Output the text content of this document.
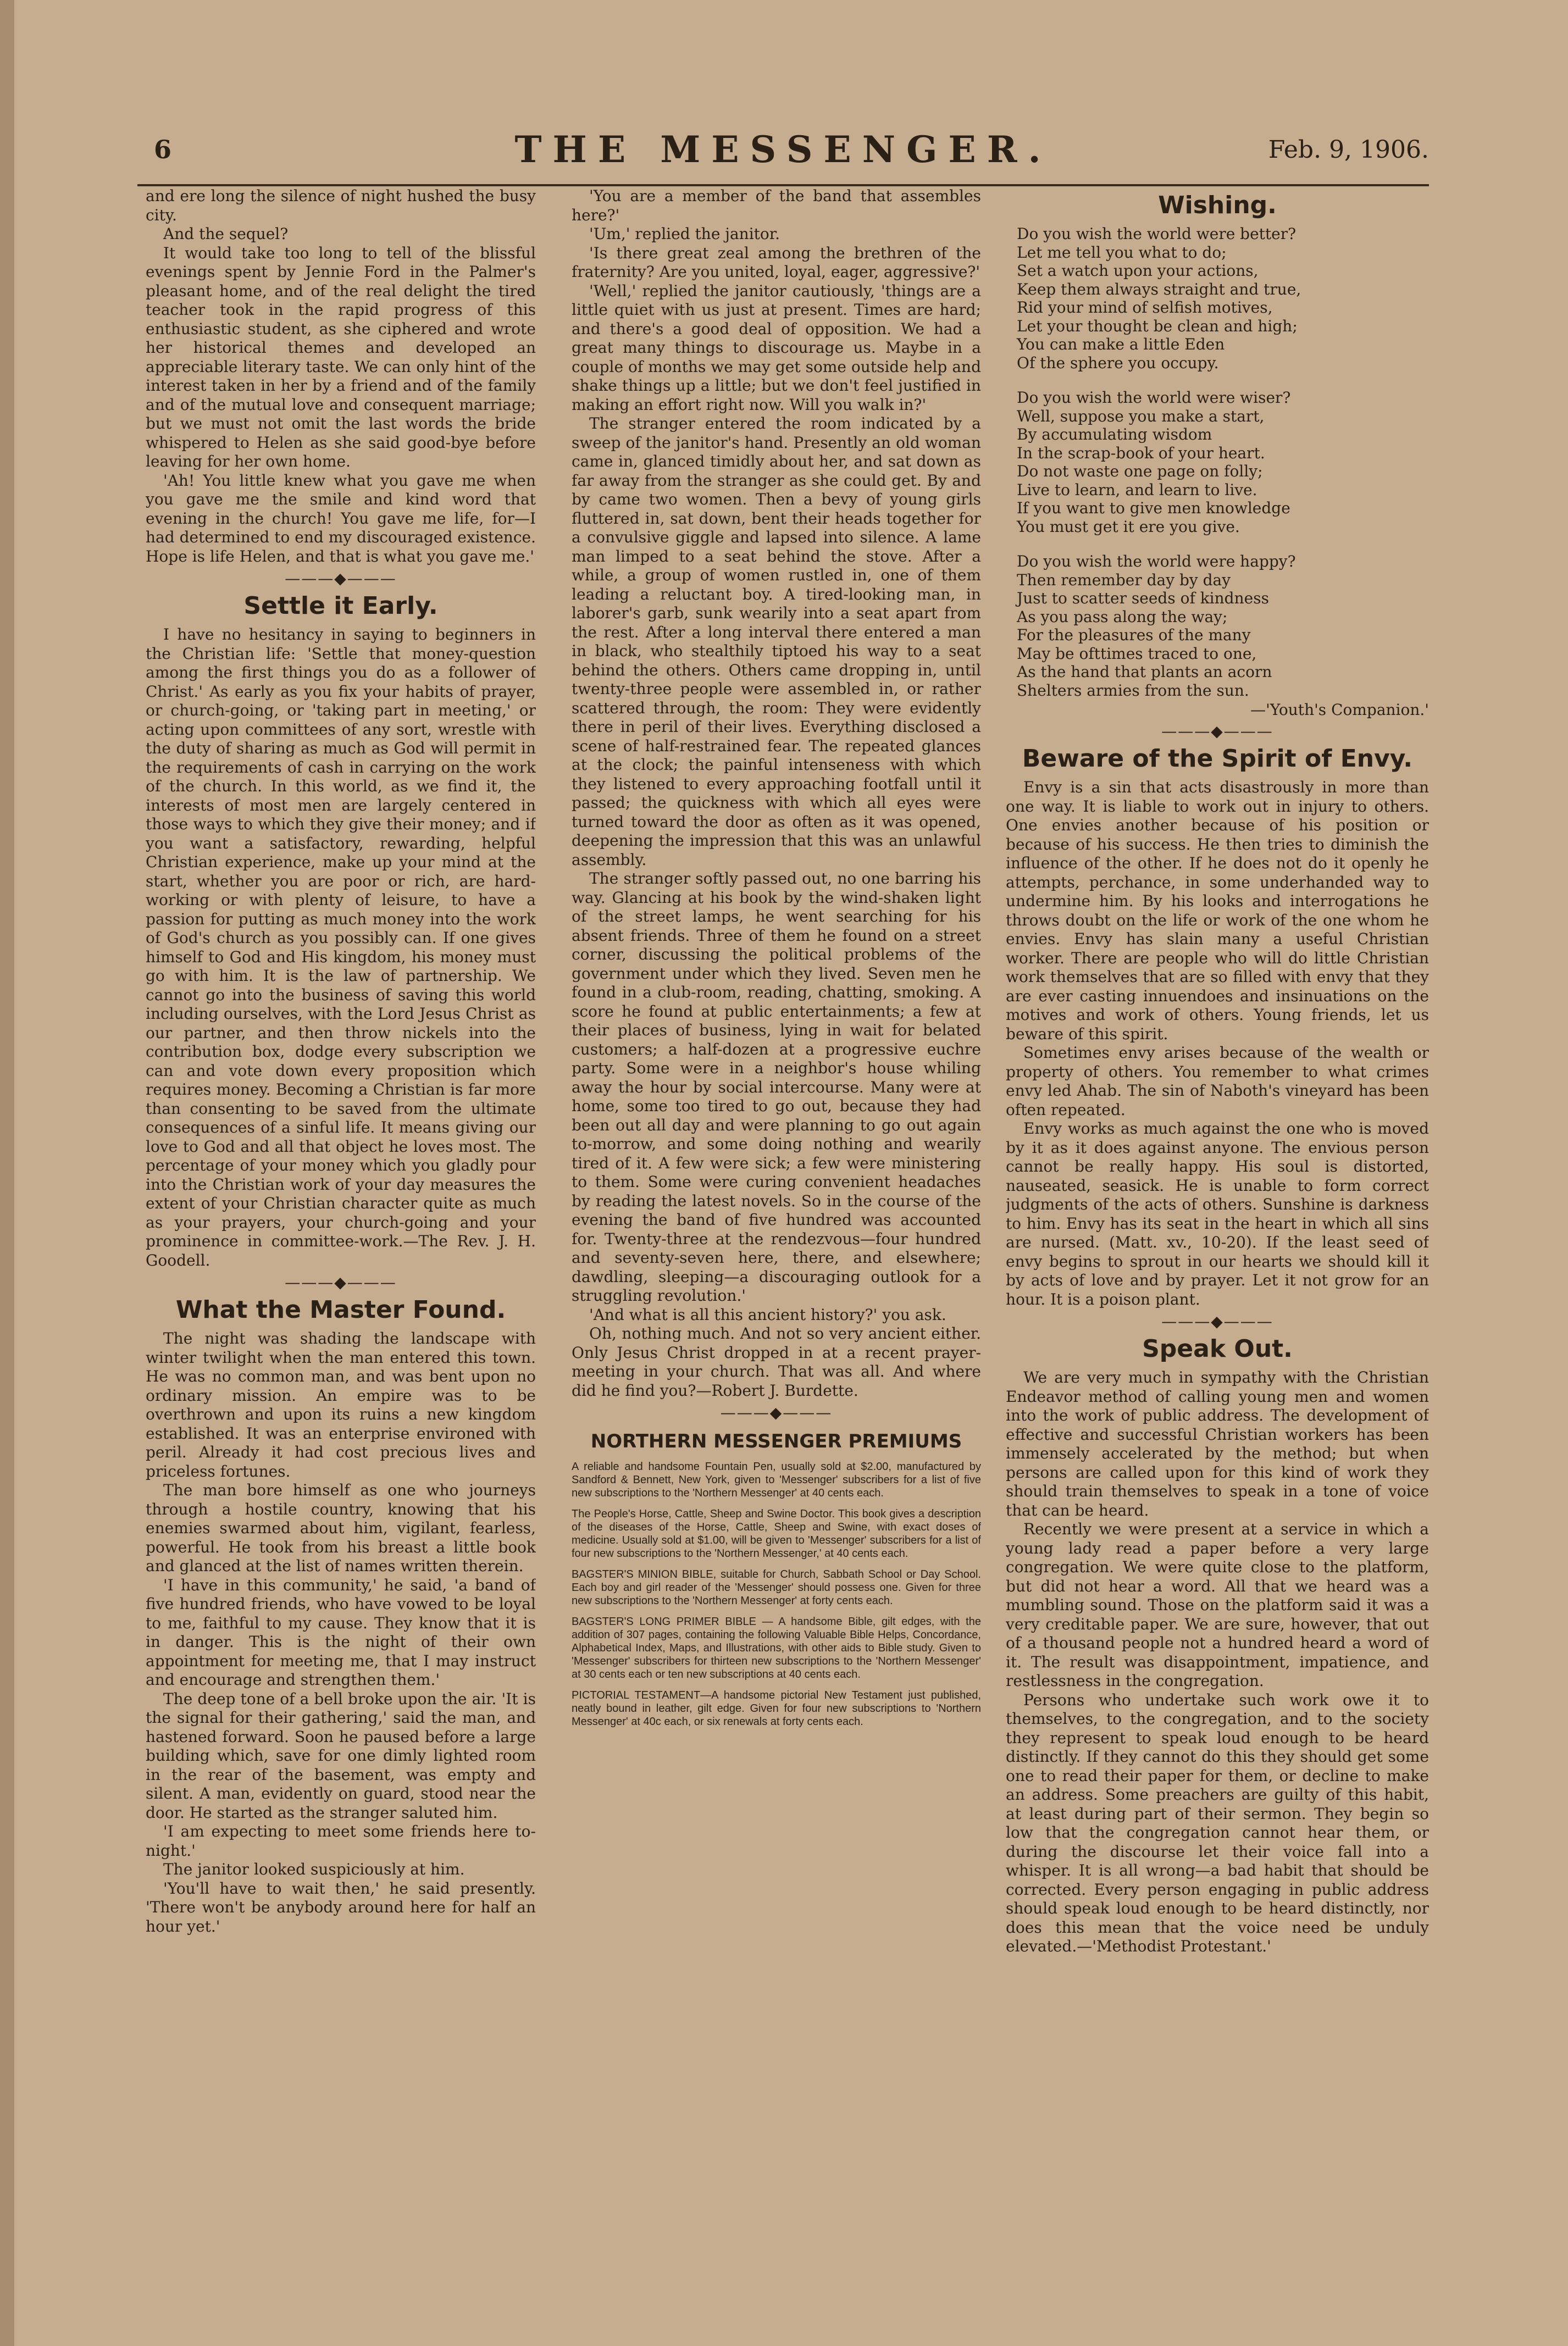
6	THE MESSENGER.	Feb. 9, 1906.

and ere long the silence of night hushed the busy city.

And the sequel?

It would take too long to tell of the blissful evenings spent by Jennie Ford in the Palmer's pleasant home, and of the real delight the tired teacher took in the rapid progress of this enthusiastic student, as she ciphered and wrote her historical themes and developed an appreciable literary taste. We can only hint of the interest taken in her by a friend and of the family and of the mutual love and consequent marriage; but we must not omit the last words the bride whispered to Helen as she said good-bye before leaving for her own home.

'Ah! You little knew what you gave me when you gave me the smile and kind word that evening in the church! You gave me life, for—I had determined to end my discouraged existence. Hope is life Helen, and that is what you gave me.'

———◆———
Settle it Early.

I have no hesitancy in saying to beginners in the Christian life: 'Settle that money-question among the first things you do as a follower of Christ.' As early as you fix your habits of prayer, or church-going, or 'taking part in meeting,' or acting upon committees of any sort, wrestle with the duty of sharing as much as God will permit in the requirements of cash in carrying on the work of the church. In this world, as we find it, the interests of most men are largely centered in those ways to which they give their money; and if you want a satisfactory, rewarding, helpful Christian experience, make up your mind at the start, whether you are poor or rich, are hard-working or with plenty of leisure, to have a passion for putting as much money into the work of God's church as you possibly can. If one gives himself to God and His kingdom, his money must go with him. It is the law of partnership. We cannot go into the business of saving this world including ourselves, with the Lord Jesus Christ as our partner, and then throw nickels into the contribution box, dodge every subscription we can and vote down every proposition which requires money. Becoming a Christian is far more than consenting to be saved from the ultimate consequences of a sinful life. It means giving our love to God and all that object he loves most. The percentage of your money which you gladly pour into the Christian work of your day measures the extent of your Christian character quite as much as your prayers, your church-going and your prominence in committee-work.—The Rev. J. H. Goodell.

———◆———
What the Master Found.

The night was shading the landscape with winter twilight when the man entered this town. He was no common man, and was bent upon no ordinary mission. An empire was to be overthrown and upon its ruins a new kingdom established. It was an enterprise environed with peril. Already it had cost precious lives and priceless fortunes.

The man bore himself as one who journeys through a hostile country, knowing that his enemies swarmed about him, vigilant, fearless, powerful. He took from his breast a little book and glanced at the list of names written therein.

'I have in this community,' he said, 'a band of five hundred friends, who have vowed to be loyal to me, faithful to my cause. They know that it is in danger. This is the night of their own appointment for meeting me, that I may instruct and encourage and strengthen them.'

The deep tone of a bell broke upon the air. 'It is the signal for their gathering,' said the man, and hastened forward. Soon he paused before a large building which, save for one dimly lighted room in the rear of the basement, was empty and silent. A man, evidently on guard, stood near the door. He started as the stranger saluted him.

'I am expecting to meet some friends here to-night.'

The janitor looked suspiciously at him.

'You'll have to wait then,' he said presently. 'There won't be anybody around here for half an hour yet.'

'You are a member of the band that assembles here?'

'Um,' replied the janitor.

'Is there great zeal among the brethren of the fraternity? Are you united, loyal, eager, aggressive?'

'Well,' replied the janitor cautiously, 'things are a little quiet with us just at present. Times are hard; and there's a good deal of opposition. We had a great many things to discourage us. Maybe in a couple of months we may get some outside help and shake things up a little; but we don't feel justified in making an effort right now. Will you walk in?'

The stranger entered the room indicated by a sweep of the janitor's hand. Presently an old woman came in, glanced timidly about her, and sat down as far away from the stranger as she could get. By and by came two women. Then a bevy of young girls fluttered in, sat down, bent their heads together for a convulsive giggle and lapsed into silence. A lame man limped to a seat behind the stove. After a while, a group of women rustled in, one of them leading a reluctant boy. A tired-looking man, in laborer's garb, sunk wearily into a seat apart from the rest. After a long interval there entered a man in black, who stealthily tiptoed his way to a seat behind the others. Others came dropping in, until twenty-three people were assembled in, or rather scattered through, the room: They were evidently there in peril of their lives. Everything disclosed a scene of half-restrained fear. The repeated glances at the clock; the painful intenseness with which they listened to every approaching footfall until it passed; the quickness with which all eyes were turned toward the door as often as it was opened, deepening the impression that this was an unlawful assembly.

The stranger softly passed out, no one barring his way. Glancing at his book by the wind-shaken light of the street lamps, he went searching for his absent friends. Three of them he found on a street corner, discussing the political problems of the government under which they lived. Seven men he found in a club-room, reading, chatting, smoking. A score he found at public entertainments; a few at their places of business, lying in wait for belated customers; a half-dozen at a progressive euchre party. Some were in a neighbor's house whiling away the hour by social intercourse. Many were at home, some too tired to go out, because they had been out all day and were planning to go out again to-morrow, and some doing nothing and wearily tired of it. A few were sick; a few were ministering to them. Some were curing convenient headaches by reading the latest novels. So in the course of the evening the band of five hundred was accounted for. Twenty-three at the rendezvous—four hundred and seventy-seven here, there, and elsewhere; dawdling, sleeping—a discouraging outlook for a struggling revolution.'

'And what is all this ancient history?' you ask.

Oh, nothing much. And not so very ancient either. Only Jesus Christ dropped in at a recent prayer-meeting in your church. That was all. And where did he find you?—Robert J. Burdette.

———◆———
NORTHERN MESSENGER PREMIUMS

A reliable and handsome Fountain Pen, usually sold at $2.00, manufactured by Sandford & Bennett, New York, given to 'Messenger' subscribers for a list of five new subscriptions to the 'Northern Messenger' at 40 cents each.

The People's Horse, Cattle, Sheep and Swine Doctor. This book gives a description of the diseases of the Horse, Cattle, Sheep and Swine, with exact doses of medicine. Usually sold at $1.00, will be given to 'Messenger' subscribers for a list of four new subscriptions to the 'Northern Messenger,' at 40 cents each.

BAGSTER'S MINION BIBLE, suitable for Church, Sabbath School or Day School. Each boy and girl reader of the 'Messenger' should possess one. Given for three new subscriptions to the 'Northern Messenger' at forty cents each.

BAGSTER'S LONG PRIMER BIBLE — A handsome Bible, gilt edges, with the addition of 307 pages, containing the following Valuable Bible Helps, Concordance, Alphabetical Index, Maps, and Illustrations, with other aids to Bible study. Given to 'Messenger' subscribers for thirteen new subscriptions to the 'Northern Messenger' at 30 cents each or ten new subscriptions at 40 cents each.

PICTORIAL TESTAMENT—A handsome pictorial New Testament just published, neatly bound in leather, gilt edge. Given for four new subscriptions to 'Northern Messenger' at 40c each, or six renewals at forty cents each.

Wishing.
Do you wish the world were better?
Let me tell you what to do;
Set a watch upon your actions,
Keep them always straight and true,
Rid your mind of selfish motives,
Let your thought be clean and high;
You can make a little Eden
Of the sphere you occupy.
Do you wish the world were wiser?
Well, suppose you make a start,
By accumulating wisdom
In the scrap-book of your heart.
Do not waste one page on folly;
Live to learn, and learn to live.
If you want to give men knowledge
You must get it ere you give.
Do you wish the world were happy?
Then remember day by day
Just to scatter seeds of kindness
As you pass along the way;
For the pleasures of the many
May be ofttimes traced to one,
As the hand that plants an acorn
Shelters armies from the sun.
—'Youth's Companion.'
———◆———
Beware of the Spirit of Envy.

Envy is a sin that acts disastrously in more than one way. It is liable to work out in injury to others. One envies another because of his position or because of his success. He then tries to diminish the influence of the other. If he does not do it openly he attempts, perchance, in some underhanded way to undermine him. By his looks and interrogations he throws doubt on the life or work of the one whom he envies. Envy has slain many a useful Christian worker. There are people who will do little Christian work themselves that are so filled with envy that they are ever casting innuendoes and insinuations on the motives and work of others. Young friends, let us beware of this spirit.

Sometimes envy arises because of the wealth or property of others. You remember to what crimes envy led Ahab. The sin of Naboth's vineyard has been often repeated.

Envy works as much against the one who is moved by it as it does against anyone. The envious person cannot be really happy. His soul is distorted, nauseated, seasick. He is unable to form correct judgments of the acts of others. Sunshine is darkness to him. Envy has its seat in the heart in which all sins are nursed. (Matt. xv., 10-20). If the least seed of envy begins to sprout in our hearts we should kill it by acts of love and by prayer. Let it not grow for an hour. It is a poison plant.

———◆———
Speak Out.

We are very much in sympathy with the Christian Endeavor method of calling young men and women into the work of public address. The development of effective and successful Christian workers has been immensely accelerated by the method; but when persons are called upon for this kind of work they should train themselves to speak in a tone of voice that can be heard.

Recently we were present at a service in which a young lady read a paper before a very large congregation. We were quite close to the platform, but did not hear a word. All that we heard was a mumbling sound. Those on the platform said it was a very creditable paper. We are sure, however, that out of a thousand people not a hundred heard a word of it. The result was disappointment, impatience, and restlessness in the congregation.

Persons who undertake such work owe it to themselves, to the congregation, and to the society they represent to speak loud enough to be heard distinctly. If they cannot do this they should get some one to read their paper for them, or decline to make an address. Some preachers are guilty of this habit, at least during part of their sermon. They begin so low that the congregation cannot hear them, or during the discourse let their voice fall into a whisper. It is all wrong—a bad habit that should be corrected. Every person engaging in public address should speak loud enough to be heard distinctly, nor does this mean that the voice need be unduly elevated.—'Methodist Protestant.'
